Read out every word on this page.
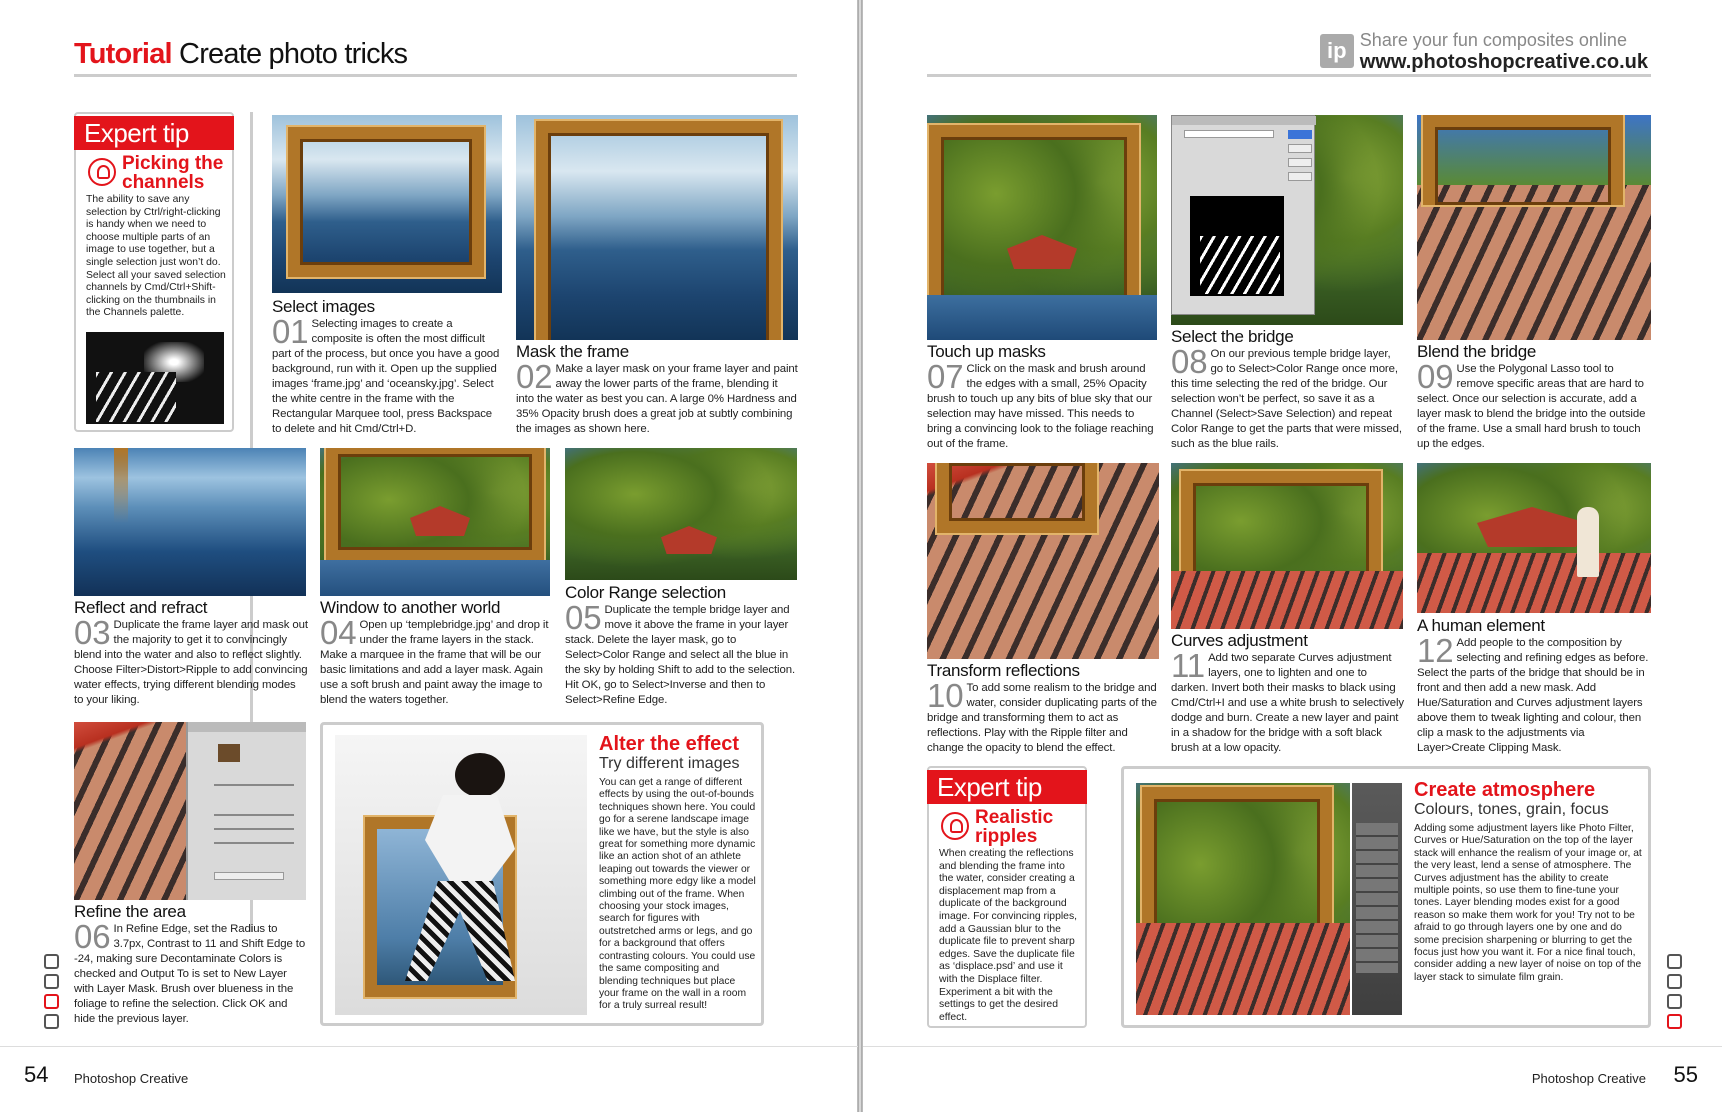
Tutorial Create photo tricks
Expert tip
Picking the
channels
The ability to save any selection by Ctrl/right-clicking is handy when we need to choose multiple parts of an image to use together, but a single selection just won’t do. Select all your saved selection channels by Cmd/Ctrl+Shift-clicking on the thumbnails in the Channels palette.	Select images
01 Selecting images to create a composite is often the most difficult part of the process, but once you have a good background, run with it. Open up the supplied images ‘frame.jpg’ and ‘oceansky.jpg’. Select the white centre in the frame with the Rectangular Marquee tool, press Backspace to delete and hit Cmd/Ctrl+D.
Mask the frame
02 Make a layer mask on your frame layer and paint away the lower parts of the frame, blending it into the water as best you can. A large 0% Hardness and 35% Opacity brush does a great job at subtly combining the images as shown here.
Reflect and refract
03 Duplicate the frame layer and mask out the majority to get it to convincingly blend into the water and also to reflect slightly. Choose Filter>Distort>Ripple to add convincing water effects, trying different blending modes to your liking.
Window to another world
04 Open up ‘templebridge.jpg’ and drop it under the frame layers in the stack. Make a marquee in the frame that will be our basic limitations and add a layer mask. Again use a soft brush and paint away the image to blend the waters together.
Color Range selection
05 Duplicate the temple bridge layer and move it above the frame in your layer stack. Delete the layer mask, go to Select>Color Range and select all the blue in the sky by holding Shift to add to the selection. Hit OK, go to Select>Inverse and then to Select>Refine Edge.
Refine the area
06 In Refine Edge, set the Radius to 3.7px, Contrast to 11 and Shift Edge to -24, making sure Decontaminate Colors is checked and Output To is set to New Layer with Layer Mask. Brush over blueness in the foliage to refine the selection. Click OK and hide the previous layer.
Alter the effect
Try different images
You can get a range of different effects by using the out-of-bounds techniques shown here. You could go for a serene landscape image like we have, but the style is also great for something more dynamic like an action shot of an athlete leaping out towards the viewer or something more edgy like a model climbing out of the frame. When choosing your stock images, search for figures with outstretched arms or legs, and go for a background that offers contrasting colours. You could use the same compositing and blending techniques but place your frame on the wall in a room for a truly surreal result!
54 Photoshop Creative
ip Share your fun composites online
www.photoshopcreative.co.uk
Touch up masks
07 Click on the mask and brush around the edges with a small, 25% Opacity brush to touch up any bits of blue sky that our selection may have missed. This needs to bring a convincing look to the foliage reaching out of the frame.
Select the bridge
08 On our previous temple bridge layer, go to Select>Color Range once more, this time selecting the red of the bridge. Our selection won’t be perfect, so save it as a Channel (Select>Save Selection) and repeat Color Range to get the parts that were missed, such as the blue rails.
Blend the bridge
09 Use the Polygonal Lasso tool to remove specific areas that are hard to select. Once our selection is accurate, add a layer mask to blend the bridge into the outside of the frame. Use a small hard brush to touch up the edges.
Transform reflections
10 To add some realism to the bridge and water, consider duplicating parts of the bridge and transforming them to act as reflections. Play with the Ripple filter and change the opacity to blend the effect.
Curves adjustment
11 Add two separate Curves adjustment layers, one to lighten and one to darken. Invert both their masks to black using Cmd/Ctrl+I and use a white brush to selectively dodge and burn. Create a new layer and paint in a shadow for the bridge with a soft black brush at a low opacity.
A human element
12 Add people to the composition by selecting and refining edges as before. Select the parts of the bridge that should be in front and then add a new mask. Add Hue/Saturation and Curves adjustment layers above them to tweak lighting and colour, then clip a mask to the adjustments via Layer>Create Clipping Mask.
Expert tip
Realistic
ripples
When creating the reflections and blending the frame into the water, consider creating a displacement map from a duplicate of the background image. For convincing ripples, add a Gaussian blur to the duplicate file to prevent sharp edges. Save the duplicate file as ‘displace.psd’ and use it with the Displace filter. Experiment a bit with the settings to get the desired effect.
Create atmosphere
Colours, tones, grain, focus
Adding some adjustment layers like Photo Filter, Curves or Hue/Saturation on the top of the layer stack will enhance the realism of your image or, at the very least, lend a sense of atmosphere. The Curves adjustment has the ability to create multiple points, so use them to fine-tune your tones. Layer blending modes exist for a good reason so make them work for you! Try not to be afraid to go through layers one by one and do some precision sharpening or blurring to get the focus just how you want it. For a nice final touch, consider adding a new layer of noise on top of the layer stack to simulate film grain.
Photoshop Creative 55
